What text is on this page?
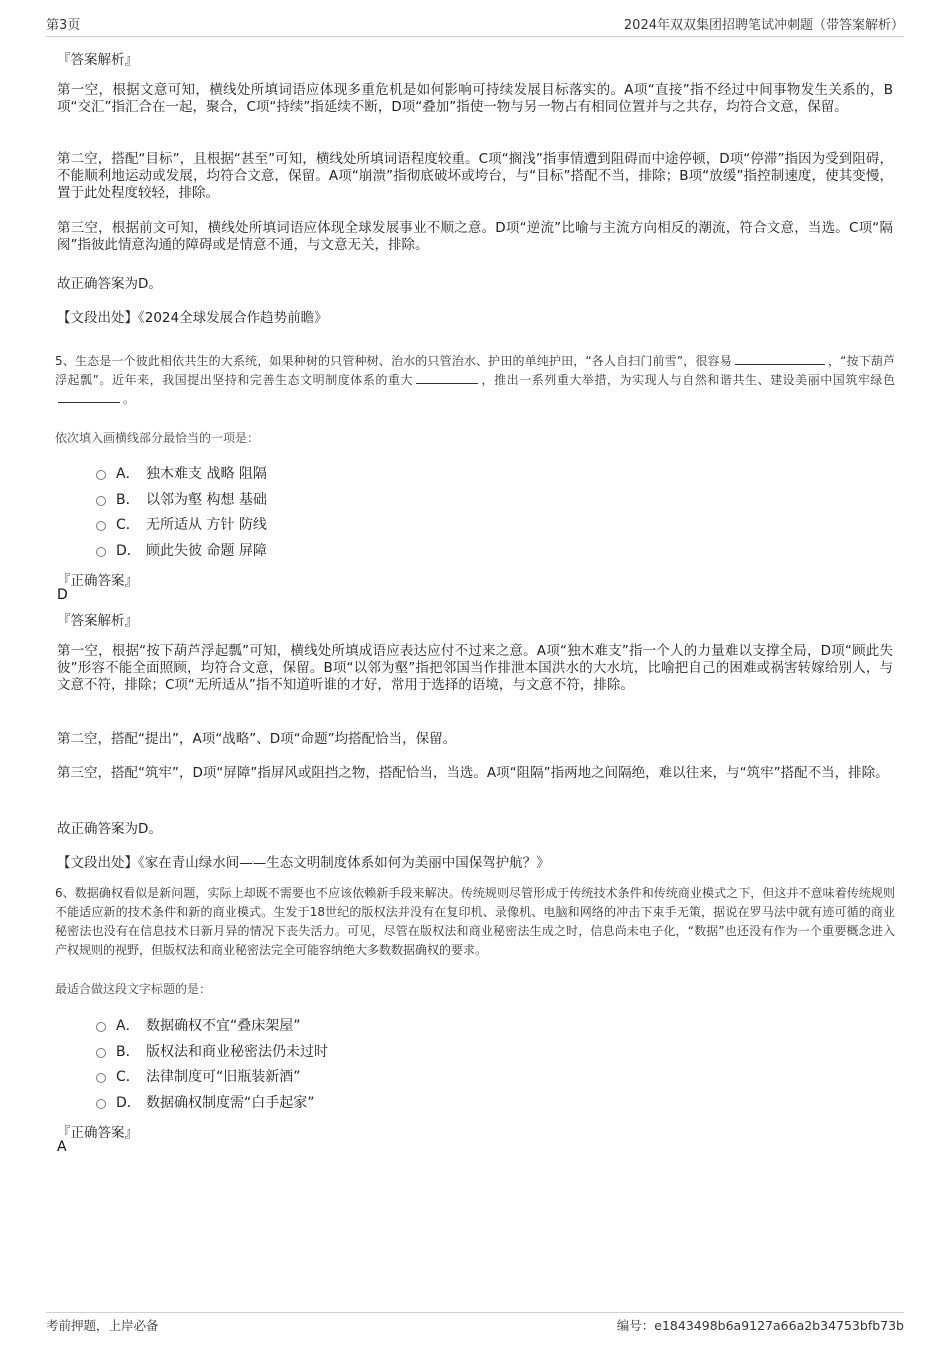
第3页	2024年双双集团招聘笔试冲刺题（带答案解析）
『答案解析』
第一空，根据文意可知，横线处所填词语应体现多重危机是如何影响可持续发展目标落实的。A项“直接”指不经过中间事物发生关系的，B项“交汇”指汇合在一起，聚合，C项“持续”指延续不断，D项“叠加”指使一物与另一物占有相同位置并与之共存，均符合文意，保留。
第二空，搭配“目标”，且根据“甚至”可知，横线处所填词语程度较重。C项“搁浅”指事情遭到阻碍而中途停顿，D项“停滞”指因为受到阻碍，不能顺利地运动或发展，均符合文意，保留。A项“崩溃”指彻底破坏或垮台，与“目标”搭配不当，排除；B项“放缓”指控制速度，使其变慢，置于此处程度较轻，排除。
第三空，根据前文可知，横线处所填词语应体现全球发展事业不顺之意。D项“逆流”比喻与主流方向相反的潮流，符合文意，当选。C项“隔阂”指彼此情意沟通的障碍或是情意不通，与文意无关，排除。
故正确答案为D。
【文段出处】《2024全球发展合作趋势前瞻》
5、生态是一个彼此相依共生的大系统，如果种树的只管种树、治水的只管治水、护田的单纯护田，“各人自扫门前雪”，很容易	，“按下葫芦浮起瓢”。近年来，我国提出坚持和完善生态文明制度体系的重大	，推出一系列重大举措，为实现人与自然和谐共生、建设美丽中国筑牢绿色。
依次填入画横线部分最恰当的一项是：
A． 独木难支 战略 阻隔
B． 以邻为壑 构想 基础
C． 无所适从 方针 防线
D． 顾此失彼 命题 屏障
『正确答案』
D
『答案解析』
第一空，根据“按下葫芦浮起瓢”可知，横线处所填成语应表达应付不过来之意。A项“独木难支”指一个人的力量难以支撑全局，D项“顾此失彼”形容不能全面照顾，均符合文意，保留。B项“以邻为壑”指把邻国当作排泄本国洪水的大水坑，比喻把自己的困难或祸害转嫁给别人，与文意不符，排除；C项“无所适从”指不知道听谁的才好，常用于选择的语境，与文意不符，排除。
第二空，搭配“提出”，A项“战略”、D项“命题”均搭配恰当，保留。
第三空，搭配“筑牢”，D项“屏障”指屏风或阻挡之物，搭配恰当，当选。A项“阻隔”指两地之间隔绝，难以往来，与“筑牢”搭配不当，排除。
故正确答案为D。
【文段出处】《家在青山绿水间——生态文明制度体系如何为美丽中国保驾护航？》
6、数据确权看似是新问题，实际上却既不需要也不应该依赖新手段来解决。传统规则尽管形成于传统技术条件和传统商业模式之下，但这并不意味着传统规则不能适应新的技术条件和新的商业模式。生发于18世纪的版权法并没有在复印机、录像机、电脑和网络的冲击下束手无策，据说在罗马法中就有迹可循的商业秘密法也没有在信息技术日新月异的情况下丧失活力。可见，尽管在版权法和商业秘密法生成之时，信息尚未电子化，“数据”也还没有作为一个重要概念进入产权规则的视野，但版权法和商业秘密法完全可能容纳绝大多数数据确权的要求。
最适合做这段文字标题的是：
A． 数据确权不宜“叠床架屋”
B． 版权法和商业秘密法仍未过时
C． 法律制度可“旧瓶装新酒”
D． 数据确权制度需“白手起家”
『正确答案』
A
考前押题，上岸必备	编号：e1843498b6a9127a66a2b34753bfb73b
